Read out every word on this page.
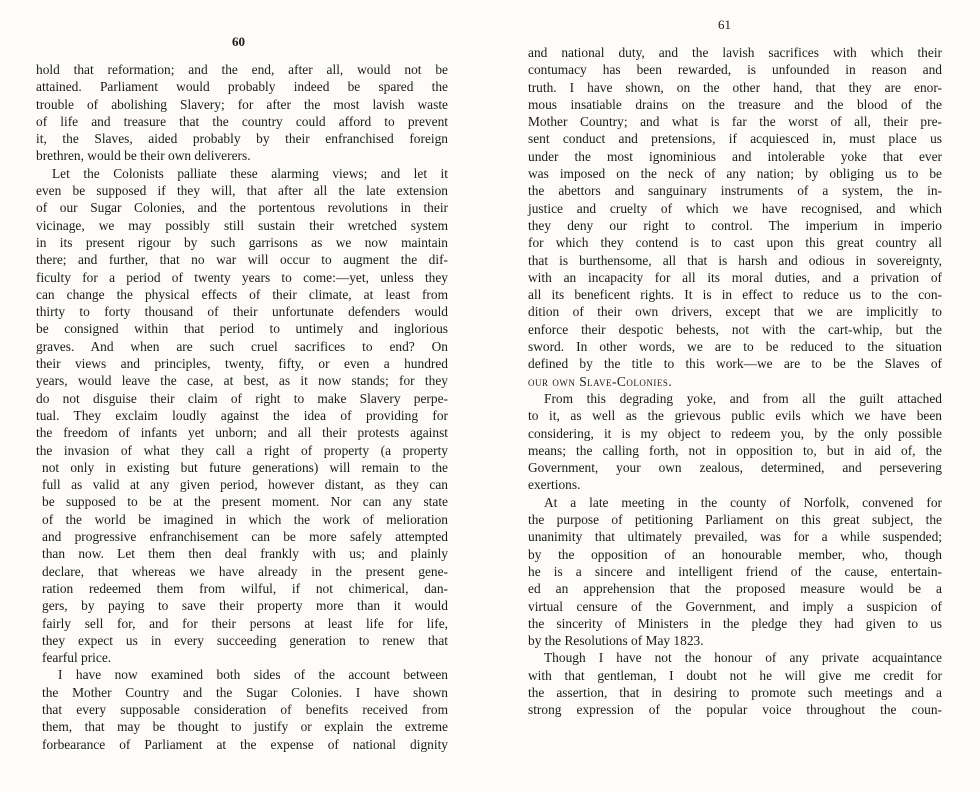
60
hold that reformation; and the end, after all, would not be
attained. Parliament would probably indeed be spared the
trouble of abolishing Slavery; for after the most lavish waste
of life and treasure that the country could afford to prevent
it, the Slaves, aided probably by their enfranchised foreign
brethren, would be their own deliverers.
Let the Colonists palliate these alarming views; and let it
even be supposed if they will, that after all the late extension
of our Sugar Colonies, and the portentous revolutions in their
vicinage, we may possibly still sustain their wretched system
in its present rigour by such garrisons as we now maintain
there; and further, that no war will occur to augment the dif-
ficulty for a period of twenty years to come:—yet, unless they
can change the physical effects of their climate, at least from
thirty to forty thousand of their unfortunate defenders would
be consigned within that period to untimely and inglorious
graves. And when are such cruel sacrifices to end? On
their views and principles, twenty, fifty, or even a hundred
years, would leave the case, at best, as it now stands; for they
do not disguise their claim of right to make Slavery perpe-
tual. They exclaim loudly against the idea of providing for
the freedom of infants yet unborn; and all their protests against
the invasion of what they call a right of property (a property
not only in existing but future generations) will remain to the
full as valid at any given period, however distant, as they can
be supposed to be at the present moment. Nor can any state
of the world be imagined in which the work of melioration
and progressive enfranchisement can be more safely attempted
than now. Let them then deal frankly with us; and plainly
declare, that whereas we have already in the present gene-
ration redeemed them from wilful, if not chimerical, dan-
gers, by paying to save their property more than it would
fairly sell for, and for their persons at least life for life,
they expect us in every succeeding generation to renew that
fearful price.
I have now examined both sides of the account between
the Mother Country and the Sugar Colonies. I have shown
that every supposable consideration of benefits received from
them, that may be thought to justify or explain the extreme
forbearance of Parliament at the expense of national dignity
61
and national duty, and the lavish sacrifices with which their
contumacy has been rewarded, is unfounded in reason and
truth. I have shown, on the other hand, that they are enor-
mous insatiable drains on the treasure and the blood of the
Mother Country; and what is far the worst of all, their pre-
sent conduct and pretensions, if acquiesced in, must place us
under the most ignominious and intolerable yoke that ever
was imposed on the neck of any nation; by obliging us to be
the abettors and sanguinary instruments of a system, the in-
justice and cruelty of which we have recognised, and which
they deny our right to control. The imperium in imperio
for which they contend is to cast upon this great country all
that is burthensome, all that is harsh and odious in sovereignty,
with an incapacity for all its moral duties, and a privation of
all its beneficent rights. It is in effect to reduce us to the con-
dition of their own drivers, except that we are implicitly to
enforce their despotic behests, not with the cart-whip, but the
sword. In other words, we are to be reduced to the situation
defined by the title to this work—we are to be the Slaves of
our own Slave-Colonies.
From this degrading yoke, and from all the guilt attached
to it, as well as the grievous public evils which we have been
considering, it is my object to redeem you, by the only possible
means; the calling forth, not in opposition to, but in aid of, the
Government, your own zealous, determined, and persevering
exertions.
At a late meeting in the county of Norfolk, convened for
the purpose of petitioning Parliament on this great subject, the
unanimity that ultimately prevailed, was for a while suspended;
by the opposition of an honourable member, who, though
he is a sincere and intelligent friend of the cause, entertain-
ed an apprehension that the proposed measure would be a
virtual censure of the Government, and imply a suspicion of
the sincerity of Ministers in the pledge they had given to us
by the Resolutions of May 1823.
Though I have not the honour of any private acquaintance
with that gentleman, I doubt not he will give me credit for
the assertion, that in desiring to promote such meetings and a
strong expression of the popular voice throughout the coun-
